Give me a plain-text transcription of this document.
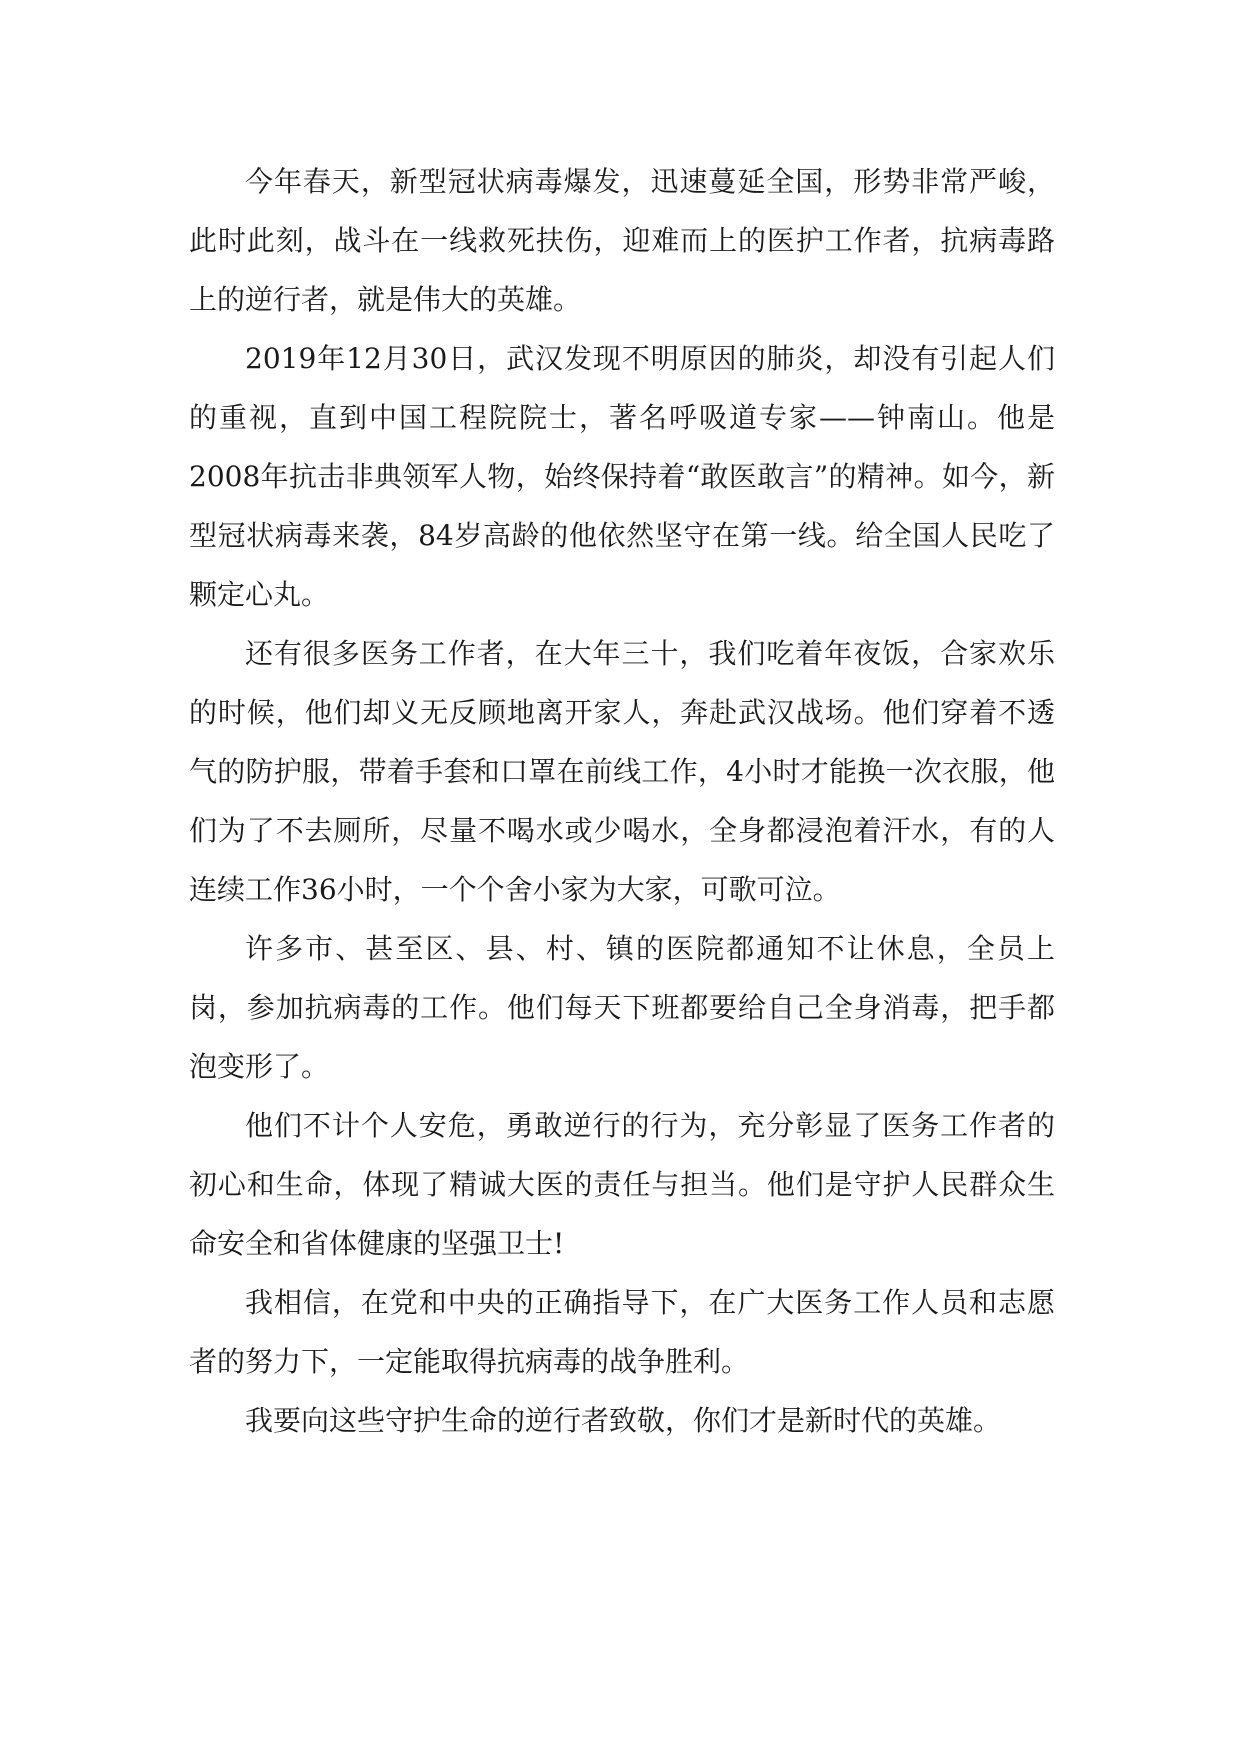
今年春天，新型冠状病毒爆发，迅速蔓延全国，形势非常严峻，此时此刻，战斗在一线救死扶伤，迎难而上的医护工作者，抗病毒路上的逆行者，就是伟大的英雄。

2019年12月30日，武汉发现不明原因的肺炎，却没有引起人们的重视，直到中国工程院院士，著名呼吸道专家——钟南山。他是2008年抗击非典领军人物，始终保持着“敢医敢言”的精神。如今，新型冠状病毒来袭，84岁高龄的他依然坚守在第一线。给全国人民吃了颗定心丸。

还有很多医务工作者，在大年三十，我们吃着年夜饭，合家欢乐的时候，他们却义无反顾地离开家人，奔赴武汉战场。他们穿着不透气的防护服，带着手套和口罩在前线工作，4小时才能换一次衣服，他们为了不去厕所，尽量不喝水或少喝水，全身都浸泡着汗水，有的人连续工作36小时，一个个舍小家为大家，可歌可泣。

许多市、甚至区、县、村、镇的医院都通知不让休息，全员上岗，参加抗病毒的工作。他们每天下班都要给自己全身消毒，把手都泡变形了。

他们不计个人安危，勇敢逆行的行为，充分彰显了医务工作者的初心和生命，体现了精诚大医的责任与担当。他们是守护人民群众生命安全和省体健康的坚强卫士!

我相信，在党和中央的正确指导下，在广大医务工作人员和志愿者的努力下，一定能取得抗病毒的战争胜利。

我要向这些守护生命的逆行者致敬，你们才是新时代的英雄。
